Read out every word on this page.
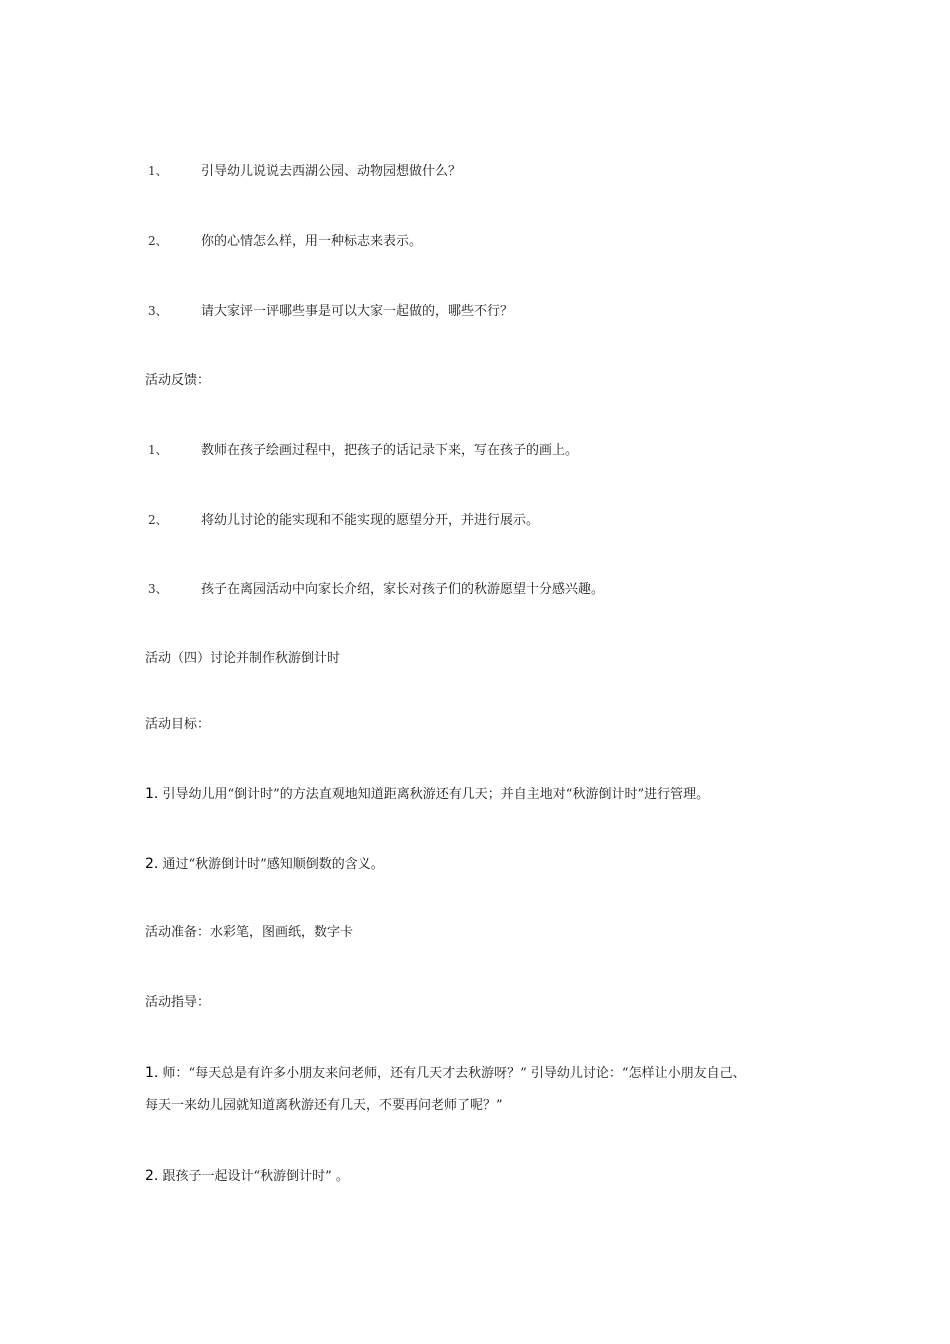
1、	引导幼儿说说去西湖公园、动物园想做什么？
2、	你的心情怎么样，用一种标志来表示。
3、	请大家评一评哪些事是可以大家一起做的，哪些不行？
活动反馈：
1、	教师在孩子绘画过程中，把孩子的话记录下来，写在孩子的画上。
2、	将幼儿讨论的能实现和不能实现的愿望分开，并进行展示。
3、	孩子在离园活动中向家长介绍，家长对孩子们的秋游愿望十分感兴趣。
活动（四）讨论并制作秋游倒计时
活动目标：
1. 引导幼儿用“倒计时”的方法直观地知道距离秋游还有几天；并自主地对“秋游倒计时”进行管理。
2. 通过“秋游倒计时”感知顺倒数的含义。
活动准备：水彩笔，图画纸，数字卡
活动指导：
1. 师：“每天总是有许多小朋友来问老师，还有几天才去秋游呀？” 引导幼儿讨论：“怎样让小朋友自己、
每天一来幼儿园就知道离秋游还有几天，不要再问老师了呢？”
2. 跟孩子一起设计“秋游倒计时” 。
